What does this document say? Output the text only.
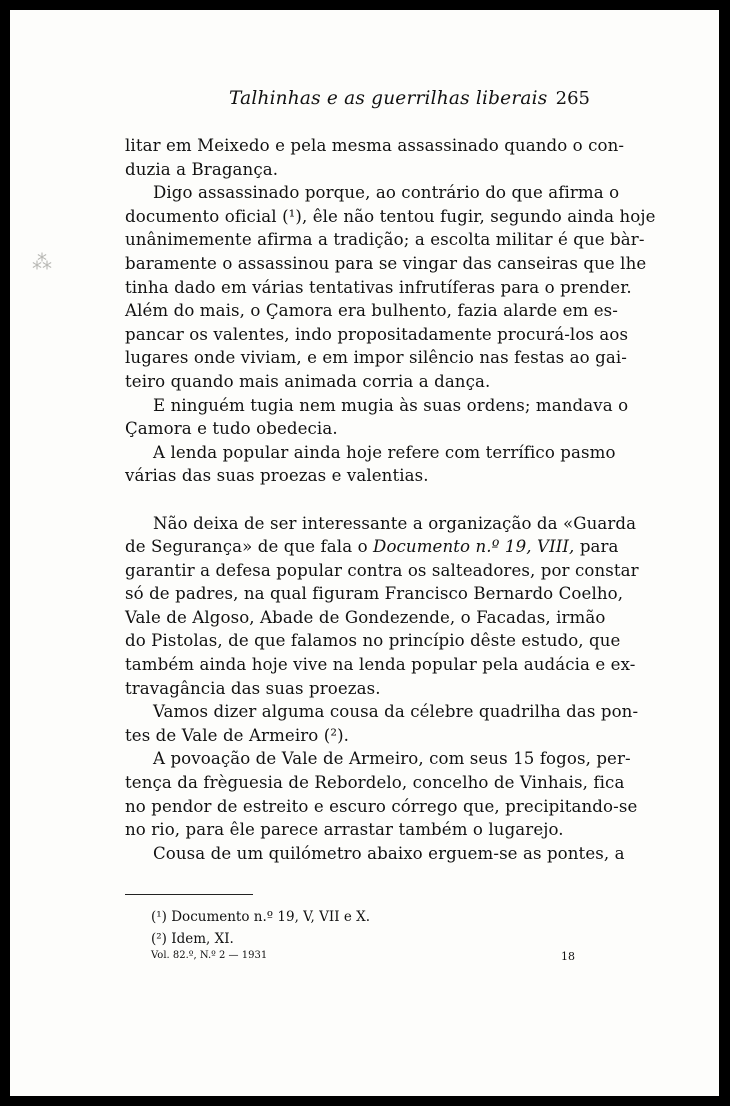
⁂
Talhinhas e as guerrilhas liberais 265
litar em Meixedo e pela mesma assassinado quando o con-
duzia a Bragança.
Digo assassinado porque, ao contrário do que afirma o
documento oficial (¹), êle não tentou fugir, segundo ainda hoje
unânimemente afirma a tradição; a escolta militar é que bàr-
baramente o assassinou para se vingar das canseiras que lhe
tinha dado em várias tentativas infrutíferas para o prender.
Além do mais, o Çamora era bulhento, fazia alarde em es-
pancar os valentes, indo propositadamente procurá-los aos
lugares onde viviam, e em impor silêncio nas festas ao gai-
teiro quando mais animada corria a dança.
E ninguém tugia nem mugia às suas ordens; mandava o
Çamora e tudo obedecia.
A lenda popular ainda hoje refere com terrífico pasmo
várias das suas proezas e valentias.
Não deixa de ser interessante a organização da «Guarda
de Segurança» de que fala o Documento n.º 19, VIII, para
garantir a defesa popular contra os salteadores, por constar
só de padres, na qual figuram Francisco Bernardo Coelho,
Vale de Algoso, Abade de Gondezende, o Facadas, irmão
do Pistolas, de que falamos no princípio dêste estudo, que
também ainda hoje vive na lenda popular pela audácia e ex-
travagância das suas proezas.
Vamos dizer alguma cousa da célebre quadrilha das pon-
tes de Vale de Armeiro (²).
A povoação de Vale de Armeiro, com seus 15 fogos, per-
tença da frèguesia de Rebordelo, concelho de Vinhais, fica
no pendor de estreito e escuro córrego que, precipitando-se
no rio, para êle parece arrastar também o lugarejo.
Cousa de um quilómetro abaixo erguem-se as pontes, a
(¹) Documento n.º 19, V, VII e X.
(²) Idem, XI.
Vol. 82.º, N.º 2 — 1931	18
